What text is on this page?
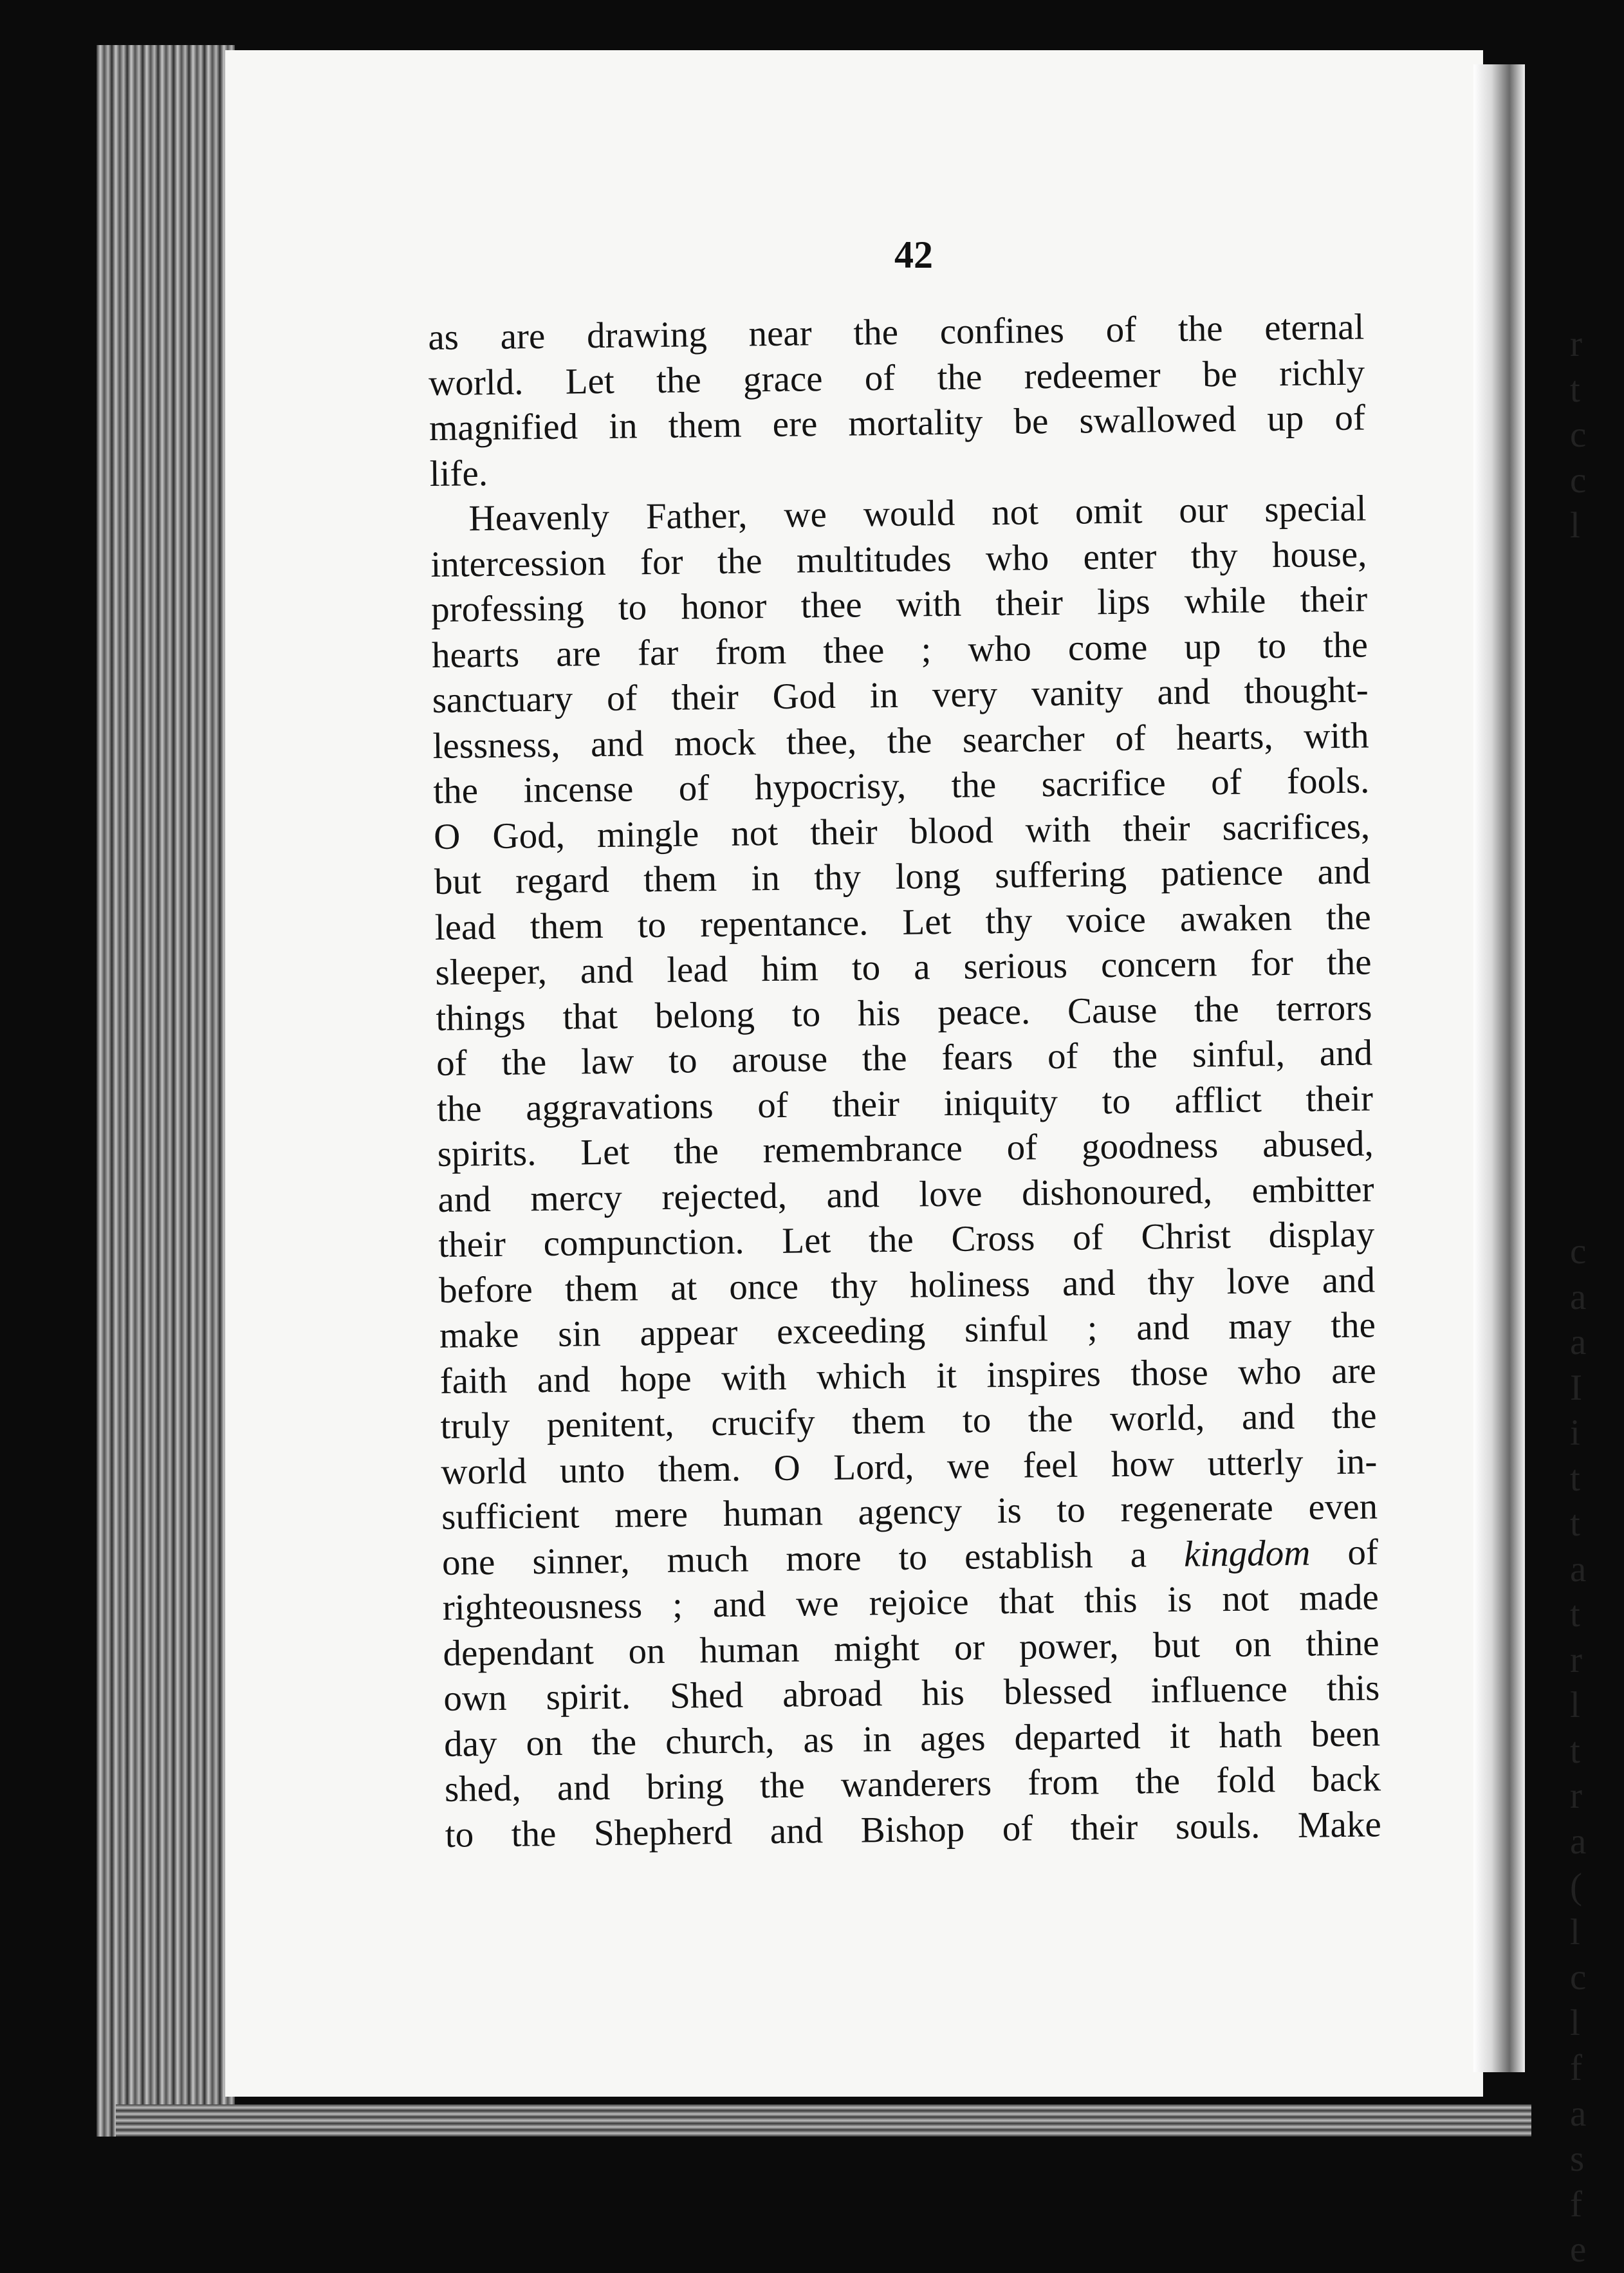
42
as are drawing near the confines of the eternal
world. Let the grace of the redeemer be richly
magnified in them ere mortality be swallowed up of
life.
Heavenly Father, we would not omit our special
intercession for the multitudes who enter thy house,
professing to honor thee with their lips while their
hearts are far from thee ; who come up to the
sanctuary of their God in very vanity and thought-
lessness, and mock thee, the searcher of hearts, with
the incense of hypocrisy, the sacrifice of fools.
O God, mingle not their blood with their sacrifices,
but regard them in thy long suffering patience and
lead them to repentance. Let thy voice awaken the
sleeper, and lead him to a serious concern for the
things that belong to his peace. Cause the terrors
of the law to arouse the fears of the sinful, and
the aggravations of their iniquity to afflict their
spirits. Let the remembrance of goodness abused,
and mercy rejected, and love dishonoured, embitter
their compunction. Let the Cross of Christ display
before them at once thy holiness and thy love and
make sin appear exceeding sinful ; and may the
faith and hope with which it inspires those who are
truly penitent, crucify them to the world, and the
world unto them. O Lord, we feel how utterly in-
sufficient mere human agency is to regenerate even
one sinner, much more to establish a kingdom of
righteousness ; and we rejoice that this is not made
dependant on human might or power, but on thine
own spirit. Shed abroad his blessed influence this
day on the church, as in ages departed it hath been
shed, and bring the wanderers from the fold back
to the Shepherd and Bishop of their souls. Make
r
t
c
c
l
c
a
a
I
i
t
t
a
t
r
l
t
r
a
(
l
c
l
f
a
s
f
e
